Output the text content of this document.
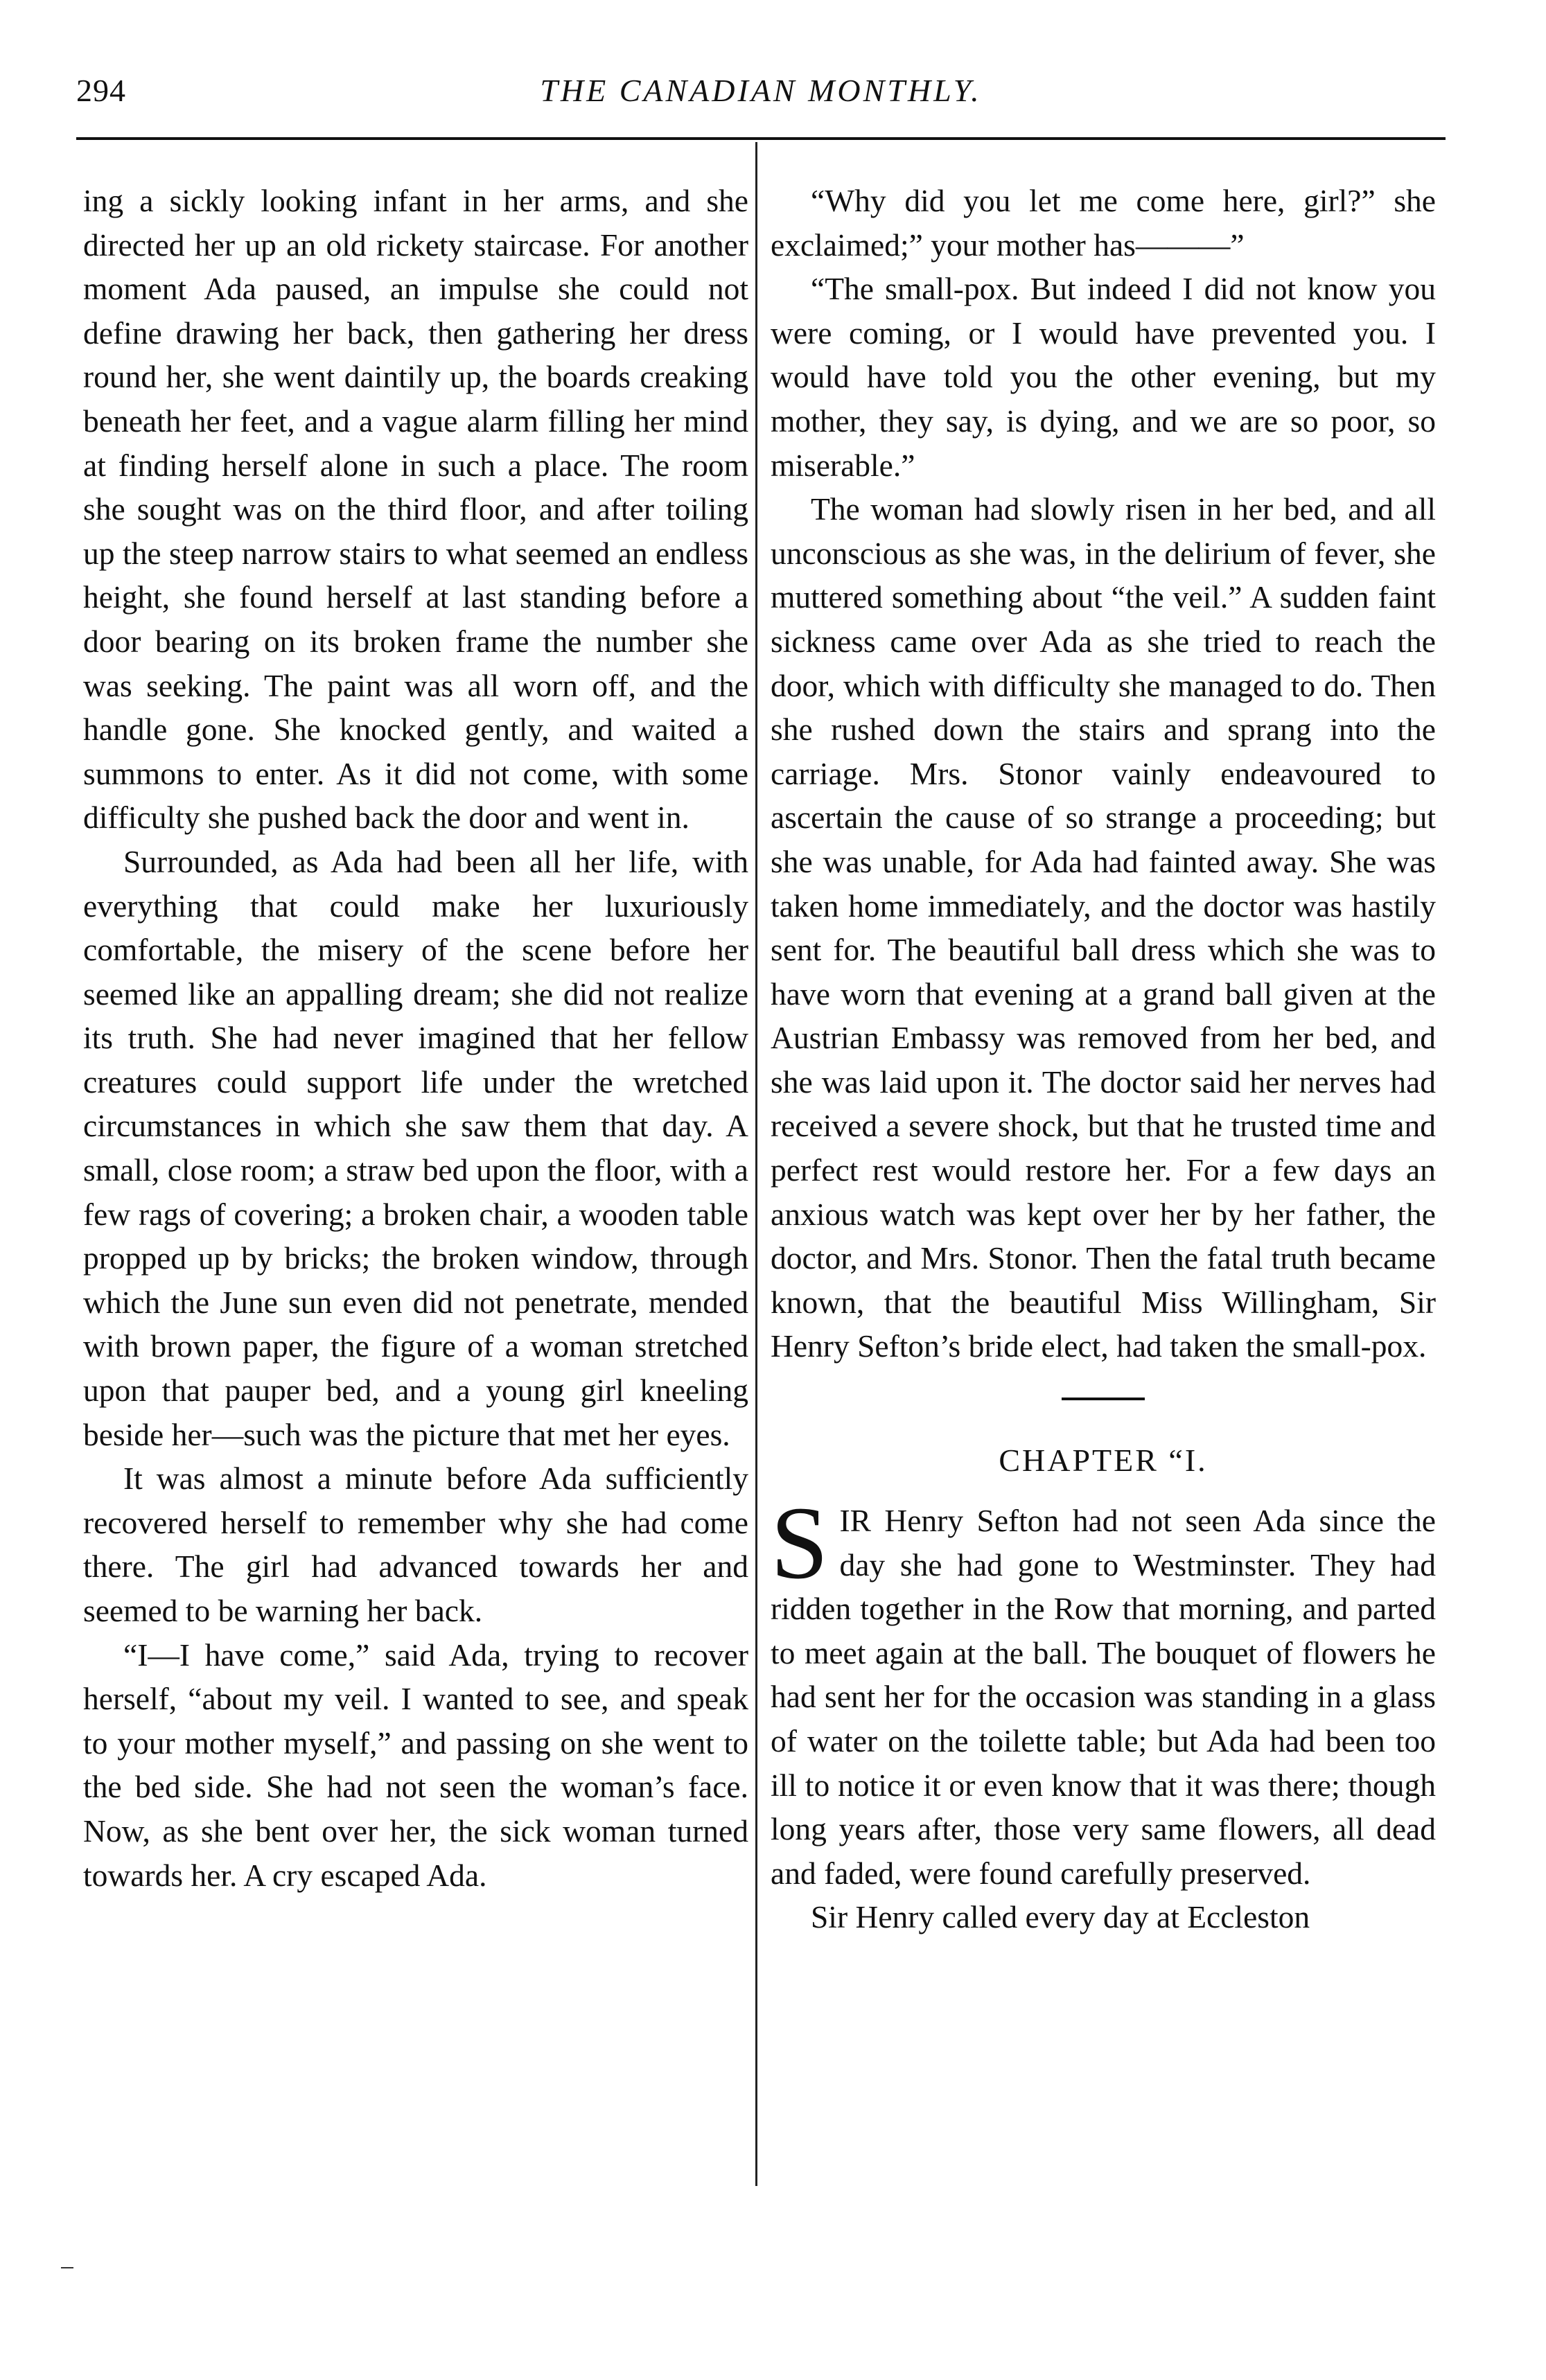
294	THE CANADIAN MONTHLY.

ing a sickly looking infant in her arms, and she directed her up an old rickety staircase. For another moment Ada paused, an impulse she could not define drawing her back, then gathering her dress round her, she went daintily up, the boards creaking beneath her feet, and a vague alarm filling her mind at finding herself alone in such a place. The room she sought was on the third floor, and after toiling up the steep narrow stairs to what seemed an endless height, she found herself at last standing before a door bearing on its broken frame the number she was seeking. The paint was all worn off, and the handle gone. She knocked gently, and waited a summons to enter. As it did not come, with some difficulty she pushed back the door and went in.

Surrounded, as Ada had been all her life, with everything that could make her luxuriously comfortable, the misery of the scene before her seemed like an appalling dream; she did not realize its truth. She had never imagined that her fellow creatures could support life under the wretched circumstances in which she saw them that day. A small, close room; a straw bed upon the floor, with a few rags of covering; a broken chair, a wooden table propped up by bricks; the broken window, through which the June sun even did not penetrate, mended with brown paper, the figure of a woman stretched upon that pauper bed, and a young girl kneeling beside her—such was the picture that met her eyes.

It was almost a minute before Ada sufficiently recovered herself to remember why she had come there. The girl had advanced towards her and seemed to be warning her back.

“I—I have come,” said Ada, trying to recover herself, “about my veil. I wanted to see, and speak to your mother myself,” and passing on she went to the bed side. She had not seen the woman’s face. Now, as she bent over her, the sick woman turned towards her. A cry escaped Ada.

“Why did you let me come here, girl?” she exclaimed;” your mother has———”

“The small-pox. But indeed I did not know you were coming, or I would have prevented you. I would have told you the other evening, but my mother, they say, is dying, and we are so poor, so miserable.”

The woman had slowly risen in her bed, and all unconscious as she was, in the delirium of fever, she muttered something about “the veil.” A sudden faint sickness came over Ada as she tried to reach the door, which with difficulty she managed to do. Then she rushed down the stairs and sprang into the carriage. Mrs. Stonor vainly endeavoured to ascertain the cause of so strange a proceeding; but she was unable, for Ada had fainted away. She was taken home immediately, and the doctor was hastily sent for. The beautiful ball dress which she was to have worn that evening at a grand ball given at the Austrian Embassy was removed from her bed, and she was laid upon it. The doctor said her nerves had received a severe shock, but that he trusted time and perfect rest would restore her. For a few days an anxious watch was kept over her by her father, the doctor, and Mrs. Stonor. Then the fatal truth became known, that the beautiful Miss Willingham, Sir Henry Sefton’s bride elect, had taken the small-pox.

CHAPTER “I.

SIR Henry Sefton had not seen Ada since the day she had gone to Westminster. They had ridden together in the Row that morning, and parted to meet again at the ball. The bouquet of flowers he had sent her for the occasion was standing in a glass of water on the toilette table; but Ada had been too ill to notice it or even know that it was there; though long years after, those very same flowers, all dead and faded, were found carefully preserved.

Sir Henry called every day at Eccleston
